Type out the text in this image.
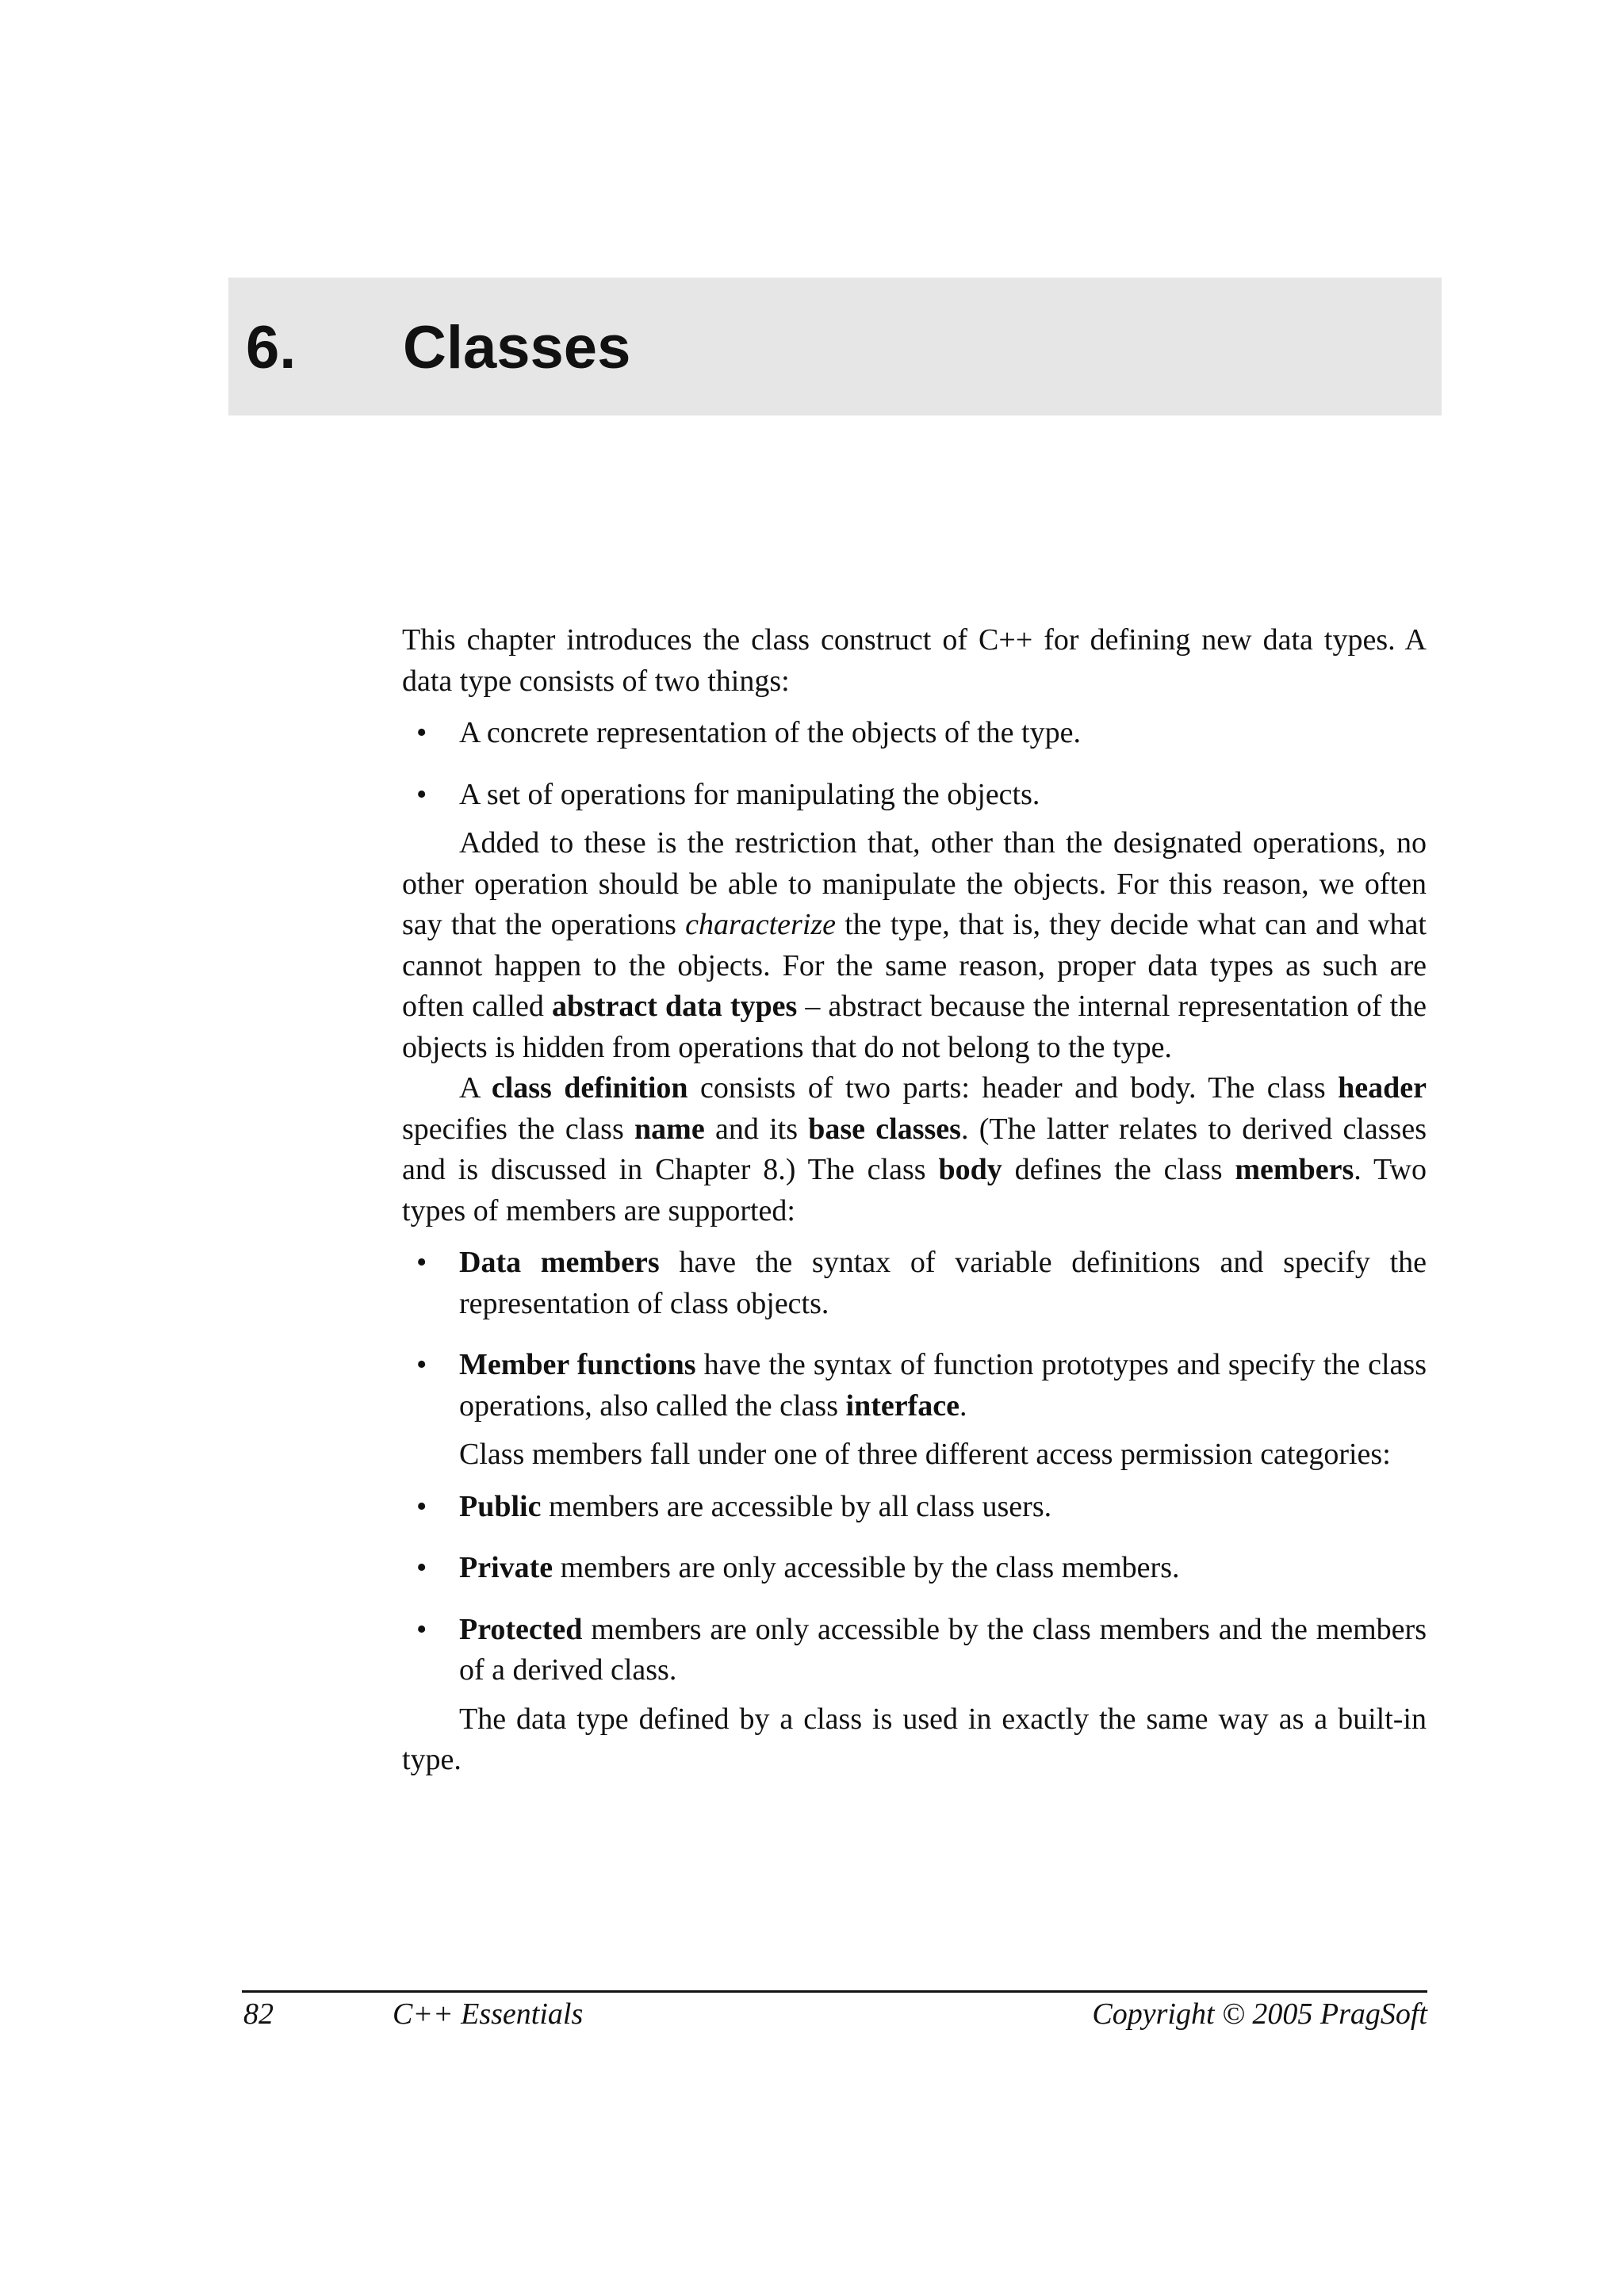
6. Classes

This chapter introduces the class construct of C++ for defining new data types. A data type consists of two things:

• A concrete representation of the objects of the type.
• A set of operations for manipulating the objects.

Added to these is the restriction that, other than the designated operations, no other operation should be able to manipulate the objects. For this reason, we often say that the operations characterize the type, that is, they decide what can and what cannot happen to the objects. For the same reason, proper data types as such are often called abstract data types – abstract because the internal representation of the objects is hidden from operations that do not belong to the type.

A class definition consists of two parts: header and body. The class header specifies the class name and its base classes. (The latter relates to derived classes and is discussed in Chapter 8.) The class body defines the class members. Two types of members are supported:

• Data members have the syntax of variable definitions and specify the representation of class objects.
• Member functions have the syntax of function prototypes and specify the class operations, also called the class interface.

Class members fall under one of three different access permission categories:

• Public members are accessible by all class users.
• Private members are only accessible by the class members.
• Protected members are only accessible by the class members and the members of a derived class.

The data type defined by a class is used in exactly the same way as a built-in type.

82	C++ Essentials	Copyright © 2005 PragSoft
